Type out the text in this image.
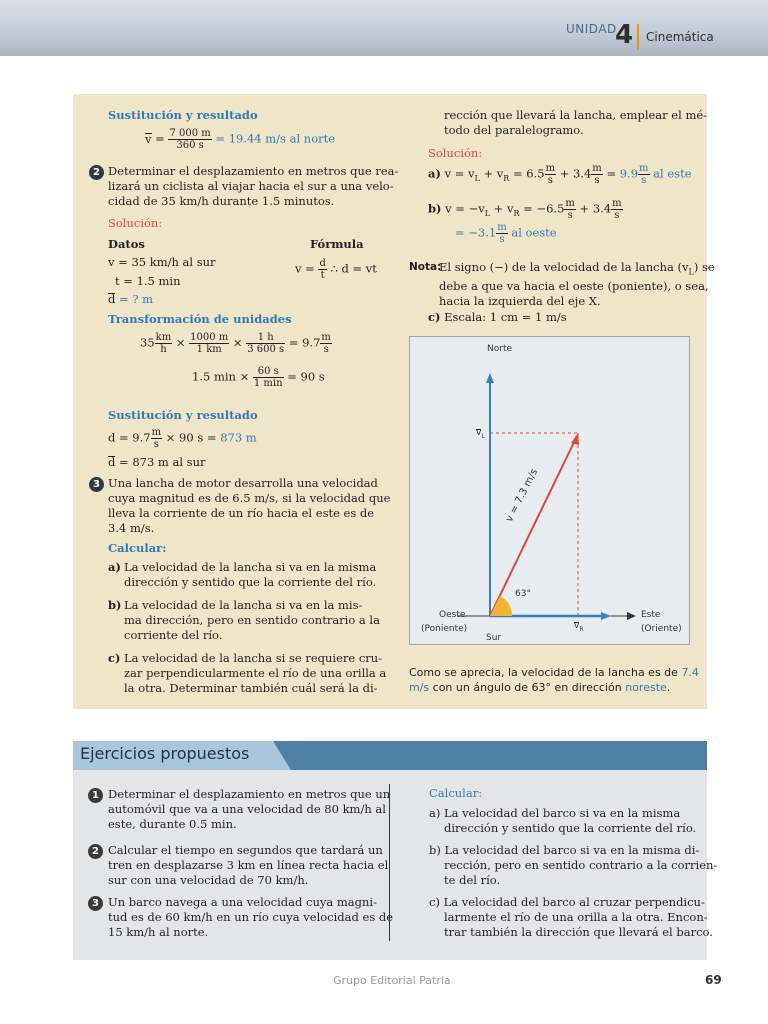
UNIDAD
4 Cinemática
Sustitución y resultado
$v = \frac{7 000 m}{360 s} = 19.44$ m/s al norte
2 Determinar el desplazamiento en metros que rea-
lizará un ciclista al viajar hacia el sur a una velo-
cidad de 35 km/h durante 1.5 minutos.
Solución:
Datos	Fórmula
v = 35 km/h al sur
t = 1.5 min
d = ? m
$v = \frac{d}{t}$ ∴ d = vt
Transformación de unidades
$35 \frac{km}{h} \times \frac{1000 m}{1 km} \times \frac{1 h}{3 600 s} = 9.7 \frac{m}{s}$
1.5 $\min \times \frac{60 s}{1 \min} = 90$ s
Sustitución y resultado
$d = 9.7 \frac{m}{s} \times 90$ s = 873 m
d = 873 m al sur
3 Una lancha de motor desarrolla una velocidad
cuya magnitud es de 6.5 m/s, si la velocidad que
lleva la corriente de un río hacia el este es de
3.4 m/s.
Calcular:
a) La velocidad de la lancha si va en la misma
dirección y sentido que la corriente del río.
b) La velocidad de la lancha si va en la mis-
ma dirección, pero en sentido contrario a la
corriente del río.
c) La velocidad de la lancha si se requiere cru-
zar perpendicularmente el río de una orilla a
la otra. Determinar también cuál será la di-
rección que llevará la lancha, emplear el mé-
todo del paralelogramo.
Solución:
a) $v = v_L + v_R = 6.5 \frac{m}{s} + 3.4 \frac{m}{s} = 9.9 \frac{m}{s}$ al este
b) $v = -v_L + v_R = -6.5 \frac{m}{s} + 3.4 \frac{m}{s}$
= $-3.1 \frac{m}{s}$ al oeste
Nota:
El signo (−) de la velocidad de la lancha $(v_L)$ se
debe a que va hacia el oeste (poniente), o sea,
hacia la izquierda del eje X.
c) Escala: 1 cm = 1 m/s
Norte
Sur
Oeste
(Poniente)
Este
(Oriente)
$v_L$
$v_R$
63°
v = 7.3 m/s
Como se aprecia, la velocidad de la lancha es de 7.4
m/s con un ángulo de 63° en dirección noreste.
Ejercicios propuestos
1 Determinar el desplazamiento en metros que un
automóvil que va a una velocidad de 80 km/h al
este, durante 0.5 min.
2 Calcular el tiempo en segundos que tardará un
tren en desplazarse 3 km en línea recta hacia el
sur con una velocidad de 70 km/h.
3 Un barco navega a una velocidad cuya magni-
tud es de 60 km/h en un río cuya velocidad es de
15 km/h al norte.
Calcular:
a) La velocidad del barco si va en la misma
dirección y sentido que la corriente del río.
b) La velocidad del barco si va en la misma di-
rección, pero en sentido contrario a la corrien-
te del río.
c) La velocidad del barco al cruzar perpendicu-
larmente el río de una orilla a la otra. Encon-
trar también la dirección que llevará el barco.
Grupo Editorial Patria	69
